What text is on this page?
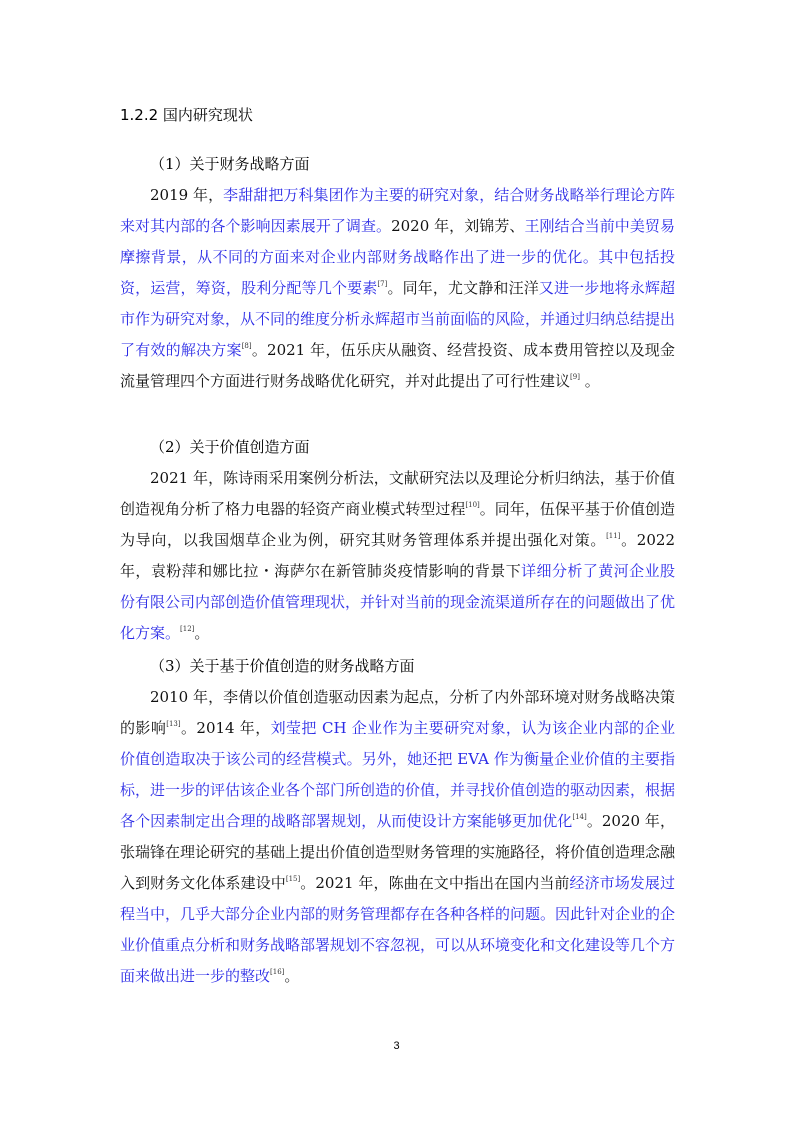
1.2.2 国内研究现状
（1）关于财务战略方面

2019 年，李甜甜把万科集团作为主要的研究对象，结合财务战略举行理论方阵来对其内部的各个影响因素展开了调查。2020 年，刘锦芳、王刚结合当前中美贸易摩擦背景，从不同的方面来对企业内部财务战略作出了进一步的优化。其中包括投资，运营，筹资，股利分配等几个要素[7]。同年，尤文静和汪洋又进一步地将永辉超市作为研究对象，从不同的维度分析永辉超市当前面临的风险，并通过归纳总结提出了有效的解决方案[8]。2021 年，伍乐庆从融资、经营投资、成本费用管控以及现金流量管理四个方面进行财务战略优化研究，并对此提出了可行性建议[9] 。

（2）关于价值创造方面

2021 年，陈诗雨采用案例分析法，文献研究法以及理论分析归纳法，基于价值创造视角分析了格力电器的轻资产商业模式转型过程[10]。同年，伍保平基于价值创造为导向，以我国烟草企业为例，研究其财务管理体系并提出强化对策。[11]。2022 年，袁粉萍和娜比拉・海萨尔在新管肺炎疫情影响的背景下详细分析了黄河企业股份有限公司内部创造价值管理现状，并针对当前的现金流渠道所存在的问题做出了优化方案。[12]。

（3）关于基于价值创造的财务战略方面

2010 年，李倩以价值创造驱动因素为起点，分析了内外部环境对财务战略决策的影响[13]。2014 年，刘莹把 CH 企业作为主要研究对象，认为该企业内部的企业价值创造取决于该公司的经营模式。另外，她还把 EVA 作为衡量企业价值的主要指标，进一步的评估该企业各个部门所创造的价值，并寻找价值创造的驱动因素，根据各个因素制定出合理的战略部署规划，从而使设计方案能够更加优化[14]。2020 年，张瑞锋在理论研究的基础上提出价值创造型财务管理的实施路径，将价值创造理念融入到财务文化体系建设中[15]。2021 年，陈曲在文中指出在国内当前经济市场发展过程当中，几乎大部分企业内部的财务管理都存在各种各样的问题。因此针对企业的企业价值重点分析和财务战略部署规划不容忽视，可以从环境变化和文化建设等几个方面来做出进一步的整改[16]。

3
